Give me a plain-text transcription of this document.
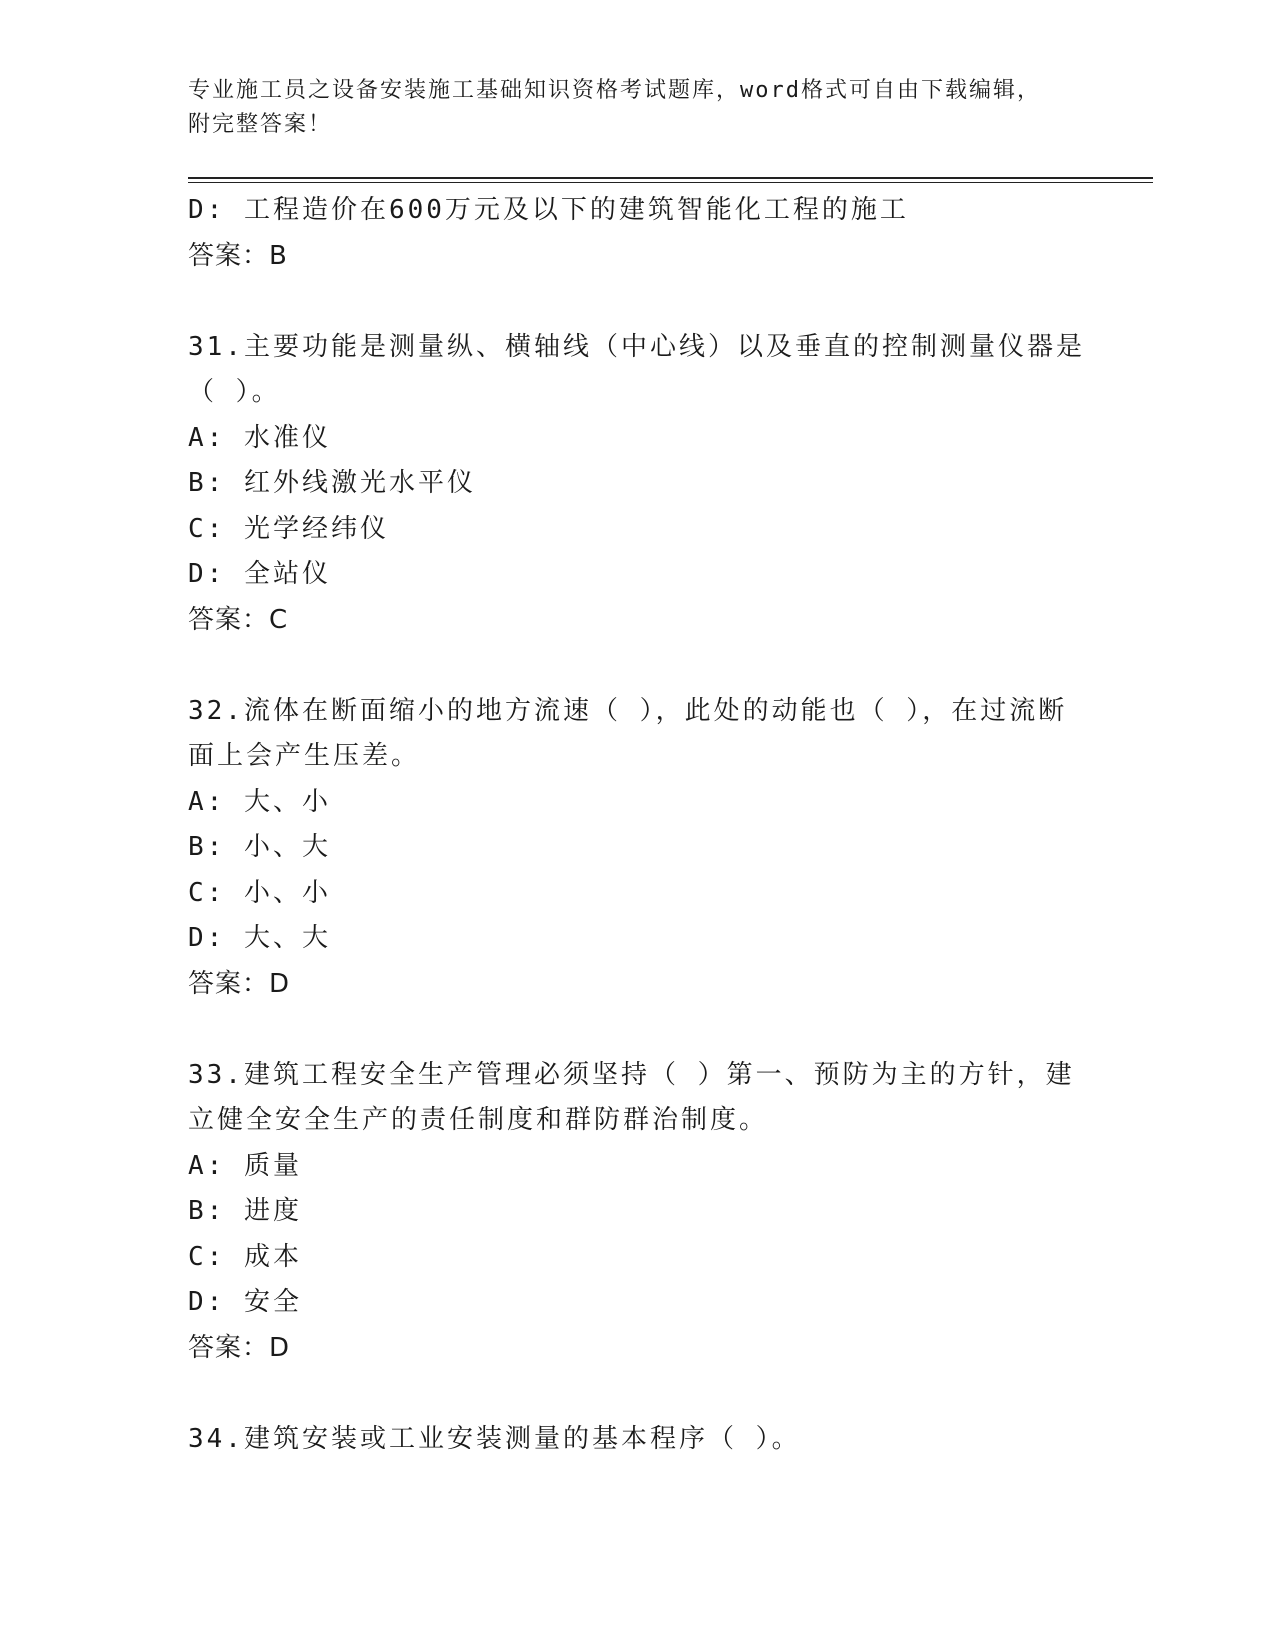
专业施工员之设备安装施工基础知识资格考试题库，word格式可自由下载编辑，
附完整答案！
D: 工程造价在600万元及以下的建筑智能化工程的施工
答案：B
31.主要功能是测量纵、横轴线（中心线）以及垂直的控制测量仪器是
（ ）。
A: 水准仪
B: 红外线激光水平仪
C: 光学经纬仪
D: 全站仪
答案：C
32.流体在断面缩小的地方流速（ ），此处的动能也（ ），在过流断
面上会产生压差。
A: 大、小
B: 小、大
C: 小、小
D: 大、大
答案：D
33.建筑工程安全生产管理必须坚持（ ）第一、预防为主的方针，建
立健全安全生产的责任制度和群防群治制度。
A: 质量
B: 进度
C: 成本
D: 安全
答案：D
34.建筑安装或工业安装测量的基本程序（ ）。
